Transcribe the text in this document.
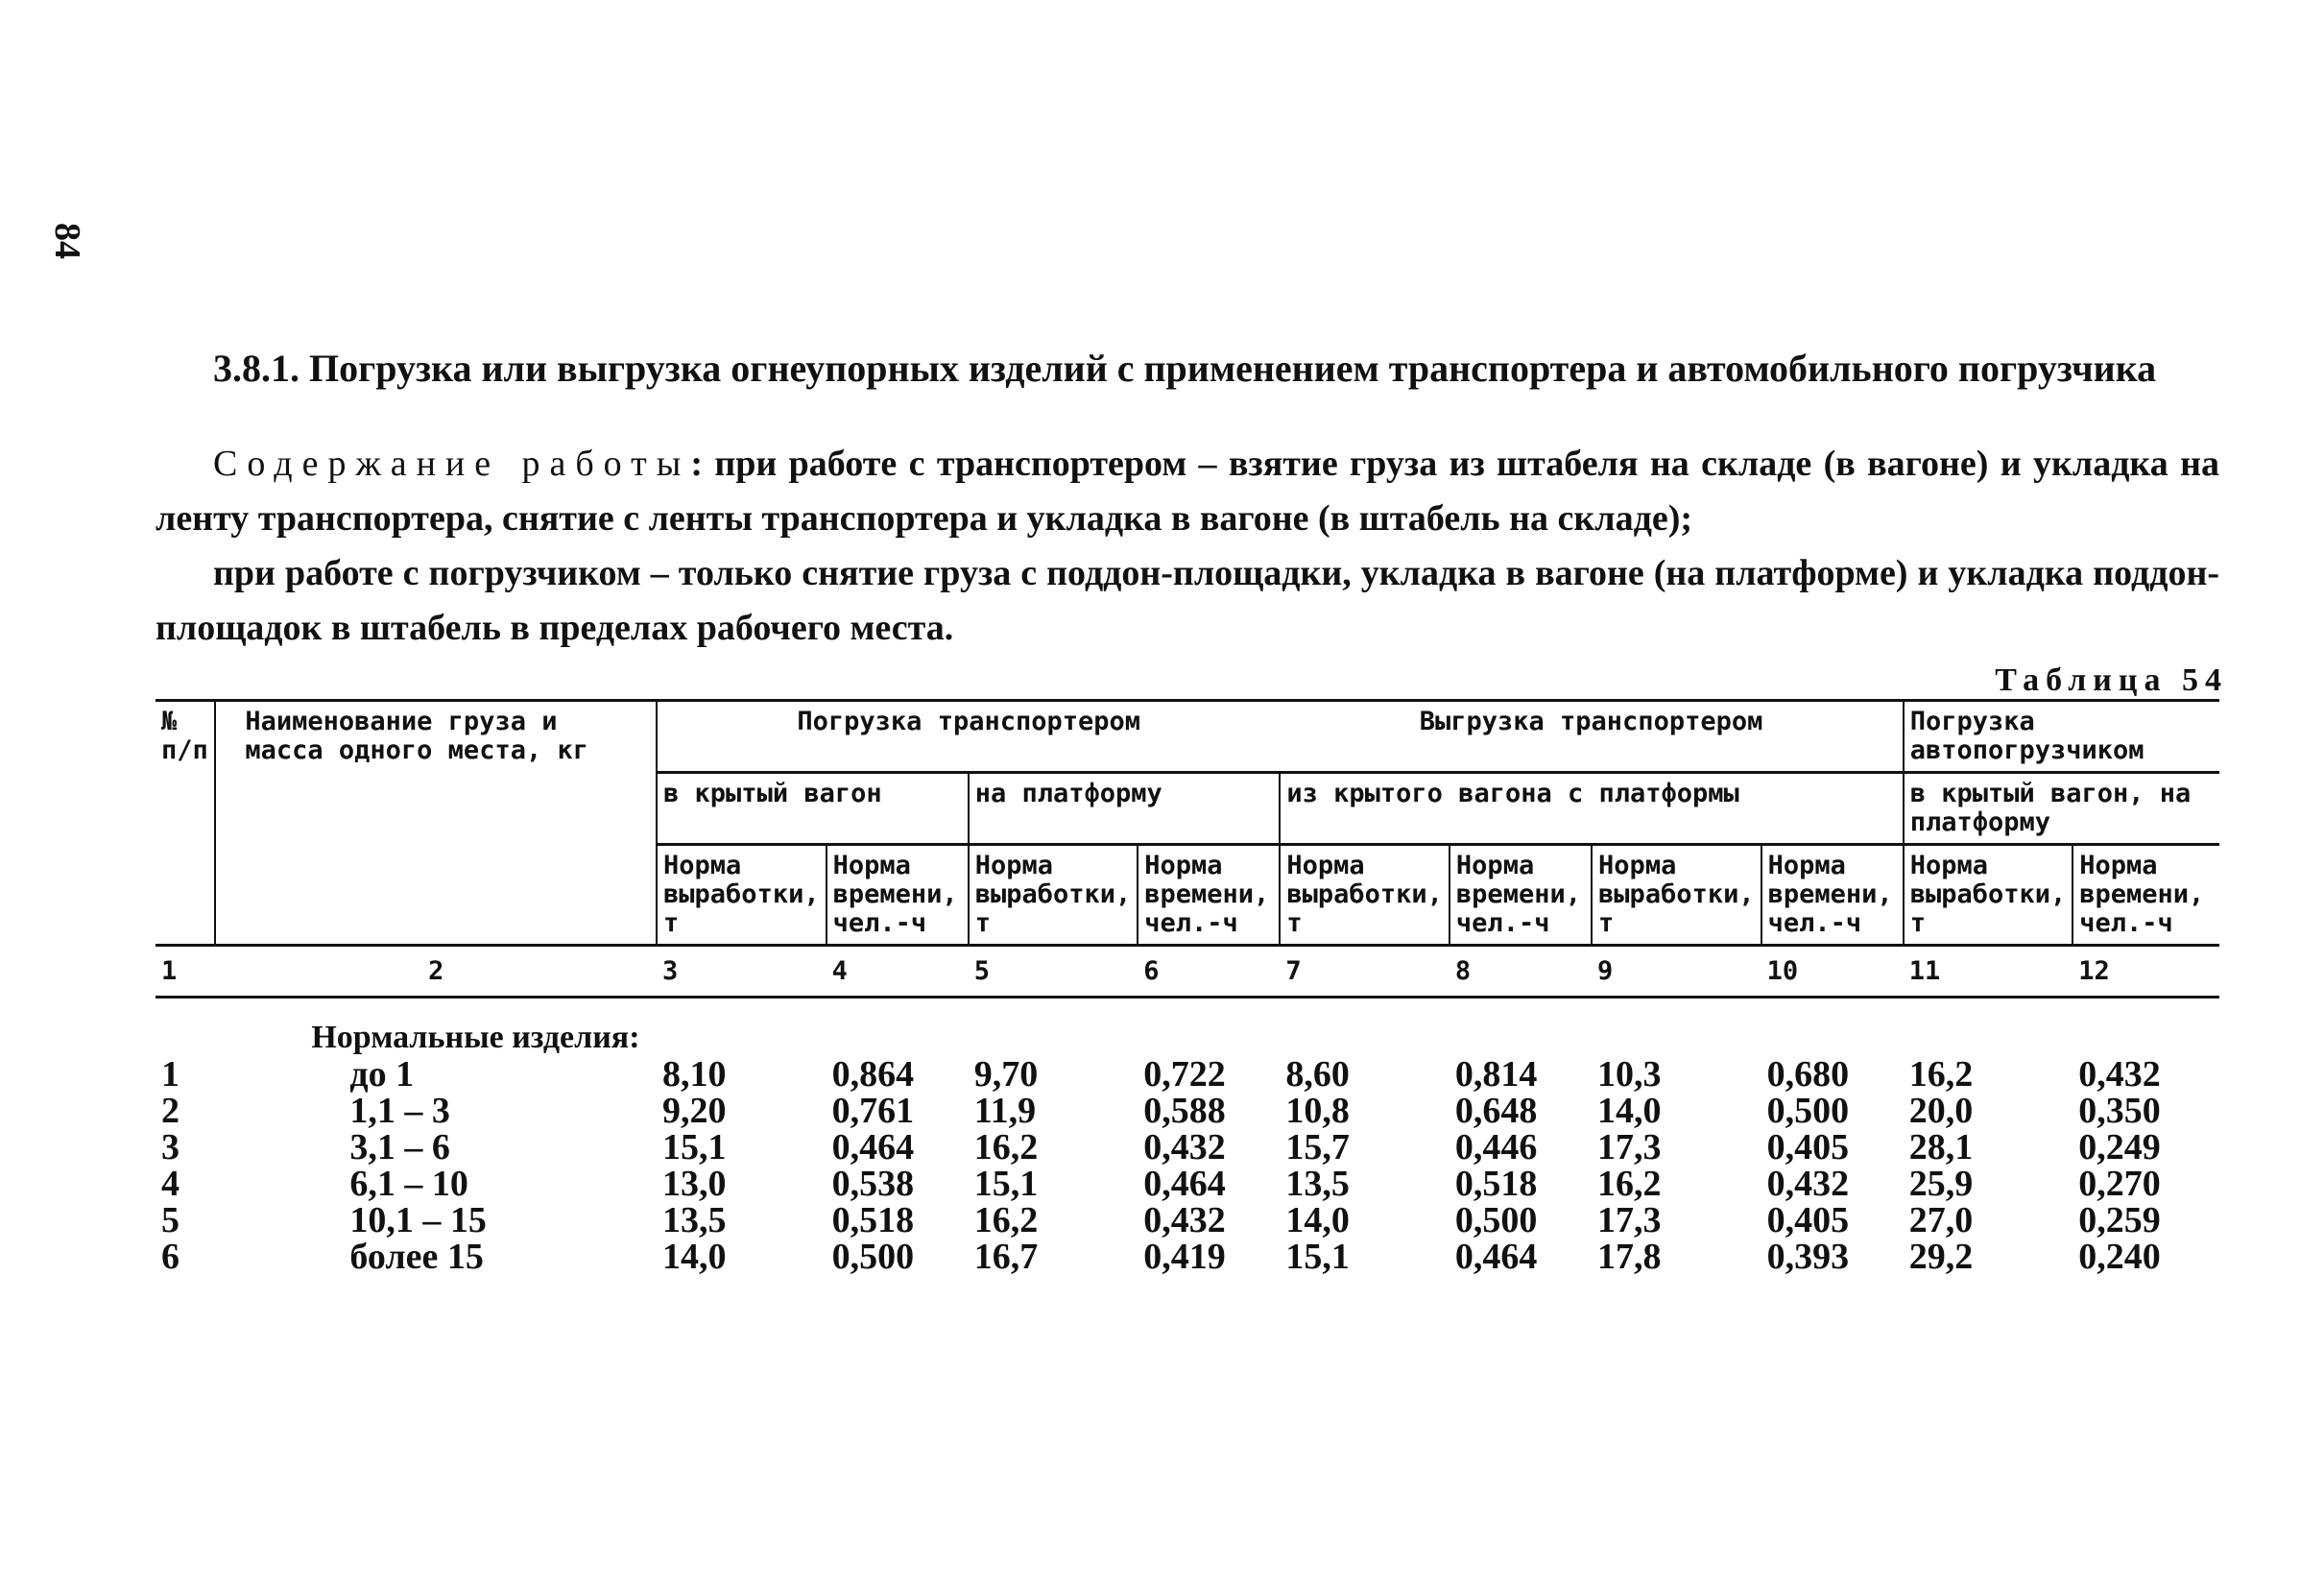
84
3.8.1. Погрузка или выгрузка огнеупорных изделий с применением транспортера и автомобильного погрузчика

Содержание работы: при работе с транспортером – взятие груза из штабеля на складе (в вагоне) и укладка на ленту транспортера, снятие с ленты транспортера и укладка в вагоне (в штабель на складе);

при работе с погрузчиком – только снятие груза с поддон-площадки, укладка в вагоне (на платформе) и укладка поддон-площадок в штабель в пределах рабочего места.

Таблица 54
№ п/п	Наименование груза и масса одного места, кг	Погрузка транспортером				Выгрузка транспортером				Погрузка автопогрузчиком	
		в крытый вагон		на платформу		из крытого вагона с платформы				в крытый вагон, на платформу	
		Норма выработки, т	Норма времени, чел.-ч	Норма выработки, т	Норма времени, чел.-ч	Норма выработки, т	Норма времени, чел.-ч	Норма выработки, т	Норма времени, чел.-ч	Норма выработки, т	Норма времени, чел.-ч
1	2	3	4	5	6	7	8	9	10	11	12
	Нормальные изделия:										
1	до 1	8,10	0,864	9,70	0,722	8,60	0,814	10,3	0,680	16,2	0,432
2	1,1 – 3	9,20	0,761	11,9	0,588	10,8	0,648	14,0	0,500	20,0	0,350
3	3,1 – 6	15,1	0,464	16,2	0,432	15,7	0,446	17,3	0,405	28,1	0,249
4	6,1 – 10	13,0	0,538	15,1	0,464	13,5	0,518	16,2	0,432	25,9	0,270
5	10,1 – 15	13,5	0,518	16,2	0,432	14,0	0,500	17,3	0,405	27,0	0,259
6	более 15	14,0	0,500	16,7	0,419	15,1	0,464	17,8	0,393	29,2	0,240
